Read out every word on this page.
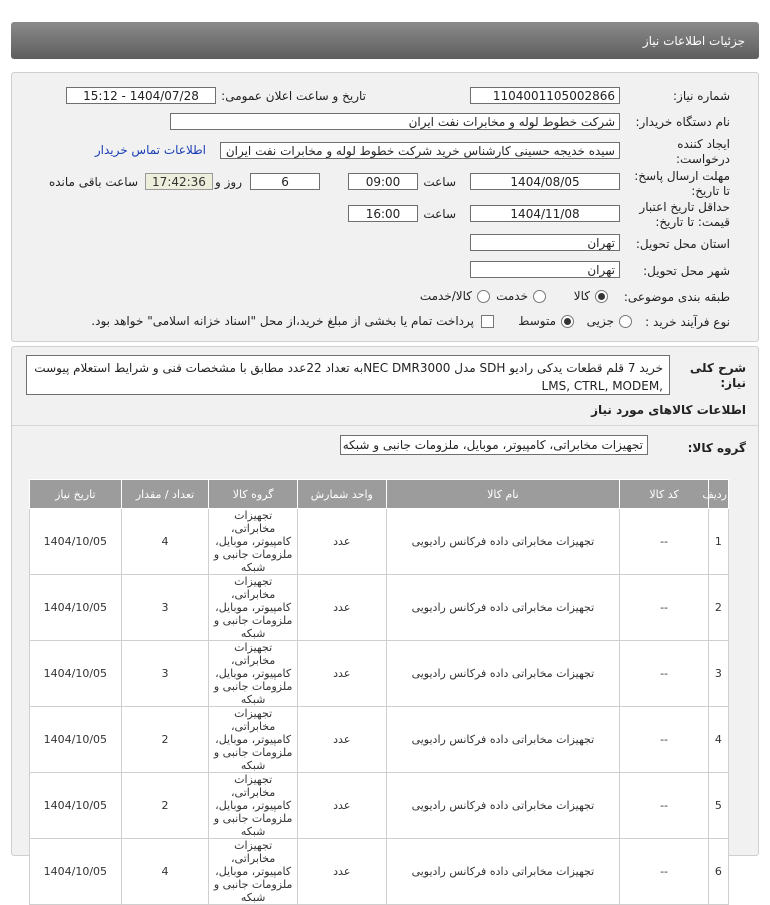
جزئیات اطلاعات نیاز
شماره نیاز:
1104001105002866
تاریخ و ساعت اعلان عمومی:
1404/07/28 - 15:12
نام دستگاه خریدار:
شرکت خطوط لوله و مخابرات نفت ایران
ایجاد کننده
درخواست:
سیده خدیجه حسینی کارشناس خرید شرکت خطوط لوله و مخابرات نفت ایران
اطلاعات تماس خریدار
مهلت ارسال پاسخ:
تا تاریخ:
1404/08/05
ساعت
09:00
6
روز و
17:42:36
ساعت باقی مانده
حداقل تاریخ اعتبار
قیمت: تا تاریخ:
1404/11/08
ساعت
16:00
استان محل تحویل:
تهران
شهر محل تحویل:
تهران
طبقه بندی موضوعی:
کالا
خدمت
کالا/خدمت
نوع فرآیند خرید :
جزیی
متوسط
پرداخت تمام یا بخشی از مبلغ خرید،از محل "اسناد خزانه اسلامی" خواهد بود.
شرح کلی
نیاز:
خرید 7 قلم قطعات یدکی رادیو SDH مدل NEC DMR3000به تعداد 22عدد مطابق با مشخصات فنی و شرایط استعلام پیوست ,LMS, CTRL, MODEM
اطلاعات کالاهای مورد نیاز
گروه کالا:
تجهیزات مخابراتی، کامپیوتر، موبایل، ملزومات جانبی و شبکه
ردیف	کد کالا	نام کالا	واحد شمارش	گروه کالا	تعداد / مقدار	تاریخ نیاز
1	--	تجهیزات مخابراتی داده فرکانس رادیویی	عدد	تجهیزات مخابراتی، کامپیوتر، موبایل، ملزومات جانبی و شبکه	4	1404/10/05
2	--	تجهیزات مخابراتی داده فرکانس رادیویی	عدد	تجهیزات مخابراتی، کامپیوتر، موبایل، ملزومات جانبی و شبکه	3	1404/10/05
3	--	تجهیزات مخابراتی داده فرکانس رادیویی	عدد	تجهیزات مخابراتی، کامپیوتر، موبایل، ملزومات جانبی و شبکه	3	1404/10/05
4	--	تجهیزات مخابراتی داده فرکانس رادیویی	عدد	تجهیزات مخابراتی، کامپیوتر، موبایل، ملزومات جانبی و شبکه	2	1404/10/05
5	--	تجهیزات مخابراتی داده فرکانس رادیویی	عدد	تجهیزات مخابراتی، کامپیوتر، موبایل، ملزومات جانبی و شبکه	2	1404/10/05
6	--	تجهیزات مخابراتی داده فرکانس رادیویی	عدد	تجهیزات مخابراتی، کامپیوتر، موبایل، ملزومات جانبی و شبکه	4	1404/10/05
